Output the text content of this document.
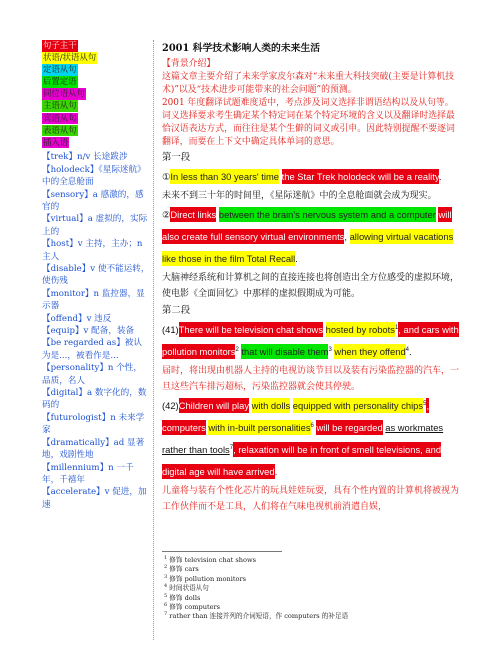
句子主干
状语/状语从句
定语从句
后置定语
同位语从句
主语从句
宾语从句
表语从句
插入语
【trek】n/v 长途跋涉
【holodeck】《星际迷航》中的全息舱面
【sensory】a 感激的，感官的
【virtual】a 虚拟的，实际上的
【host】v 主持，主办；n 主人
【disable】v 使不能运转，使伤残
【monitor】n 监控器，显示器
【offend】v 违反
【equip】v 配备，装备
【be regarded as】被认为是...，被看作是...
【personality】n 个性，品质，名人
【digital】a 数字化的，数码的
【futurologist】n 未来学家
【dramatically】ad 显著地，戏剧性地
【millennium】n 一千年，千禧年
【accelerate】v 促进，加速
2001 科学技术影响人类的未来生活

【背景介绍】

这篇文章主要介绍了未来学家皮尔森对“未来重大科技突破(主要是计算机技术)”以及“技术进步可能带来的社会问题”的预测。

2001 年度翻译试题难度适中，考点涉及词义选择非谓语结构以及从句等。词义选择要求考生确定某个特定词在某个特定环境的含义以及翻译时选择最恰汉语表达方式，而往往是某个生僻的词义或引申。因此特别提醒不要逐词翻译，而要在上下文中确定具体单词的意思。

第一段
①In less than 30 years' time the Star Trek holodeck will be a reality.
未来不到三十年的时间里，《星际迷航》中的全息舱面就会成为现实。
②Direct links between the brain's nervous system and a computer will also create full sensory virtual environments, allowing virtual vacations like those in the film Total Recall.
大脑神经系统和计算机之间的直接连接也将创造出全方位感受的虚拟环境，使电影《全面回忆》中那样的虚拟假期成为可能。
第二段
(41)There will be television chat shows hosted by robots$^1$, and cars with pollution monitors$^2$ that will disable them$^3$ when they offend$^4$.
届时，将出现由机器人主持的电视访谈节目以及装有污染监控器的汽车，一旦这些汽车排污超标，污染监控器就会使其停驶。
(42)Children will play with dolls equipped with personality chips$^5$, computers with in-built personalities$^6$ will be regarded as workmates rather than tools$^7$, relaxation will be in front of smell televisions, and digital age will have arrived.
儿童将与装有个性化芯片的玩具娃娃玩耍，具有个性内置的计算机将被视为工作伙伴而不是工具，人们将在气味电视机前消遣自娱，
$^1$ 修饰 television chat shows
$^2$ 修饰 cars
$^3$ 修饰 pollution monitors
$^4$ 时间状语从句
$^5$ 修饰 dolls
$^6$ 修饰 computers
$^7$ rather than 连接并列的介词短语，作 computers 的补足语
